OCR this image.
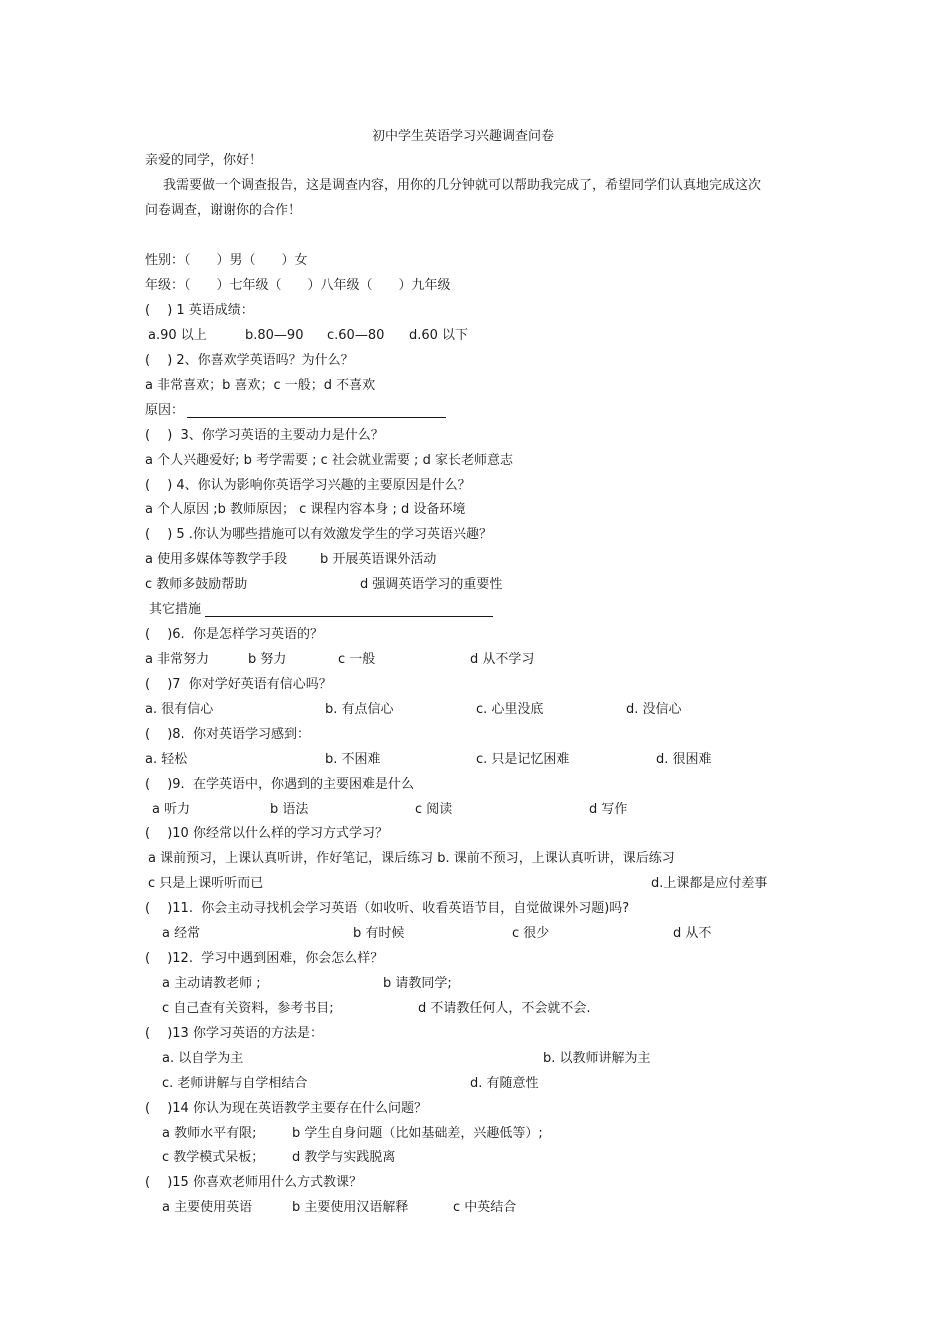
初中学生英语学习兴趣调查问卷
亲爱的同学，你好！
我需要做一个调查报告，这是调查内容，用你的几分钟就可以帮助我完成了，希望同学们认真地完成这次
问卷调查，谢谢你的合作！
性别：（　　）男（　　）女
年级：（　　）七年级（　　）八年级（　　）九年级
(　 ) 1 英语成绩：
a.90 以上	b.80—90 c.60—80 d.60 以下
(　 ) 2、你喜欢学英语吗？为什么？
a 非常喜欢；b 喜欢；c 一般；d 不喜欢
原因：
(　 )  3、你学习英语的主要动力是什么？
a 个人兴趣爱好; b 考学需要 ; c 社会就业需要 ; d 家长老师意志
(　 ) 4、你认为影响你英语学习兴趣的主要原因是什么？
a 个人原因 ;b 教师原因； c 课程内容本身 ; d 设备环境
(　 ) 5 .你认为哪些措施可以有效激发学生的学习英语兴趣？
a 使用多媒体等教学手段	b 开展英语课外活动
c 教师多鼓励帮助	d 强调英语学习的重要性
其它措施
(　 )6.  你是怎样学习英语的？
a 非常努力	b 努力	c 一般	d 从不学习
(　 )7  你对学好英语有信心吗？
a. 很有信心	b. 有点信心	c. 心里没底	d. 没信心
(　 )8.  你对英语学习感到：
a. 轻松	b. 不困难	c. 只是记忆困难	d. 很困难
(　 )9.  在学英语中，你遇到的主要困难是什么
a 听力	b 语法	c 阅读	d 写作
(　 )10 你经常以什么样的学习方式学习？
a 课前预习，上课认真听讲，作好笔记，课后练习 b. 课前不预习，上课认真听讲，课后练习
c 只是上课听听而已	d.上课都是应付差事
(　 )11.  你会主动寻找机会学习英语（如收听、收看英语节目，自觉做课外习题)吗?
a 经常	b 有时候	c 很少	d 从不
(　 )12.  学习中遇到困难，你会怎么样？
a 主动请教老师 ;	b 请教同学;
c 自己查有关资料，参考书目;	d 不请教任何人，不会就不会.
(　 )13 你学习英语的方法是：
a. 以自学为主	b. 以教师讲解为主
c. 老师讲解与自学相结合	d. 有随意性
(　 )14 你认为现在英语教学主要存在什么问题？
a 教师水平有限;	b 学生自身问题（比如基础差，兴趣低等）;
c 教学模式呆板； d 教学与实践脱离
(　 )15 你喜欢老师用什么方式教课？
a 主要使用英语	b 主要使用汉语解释	c 中英结合
